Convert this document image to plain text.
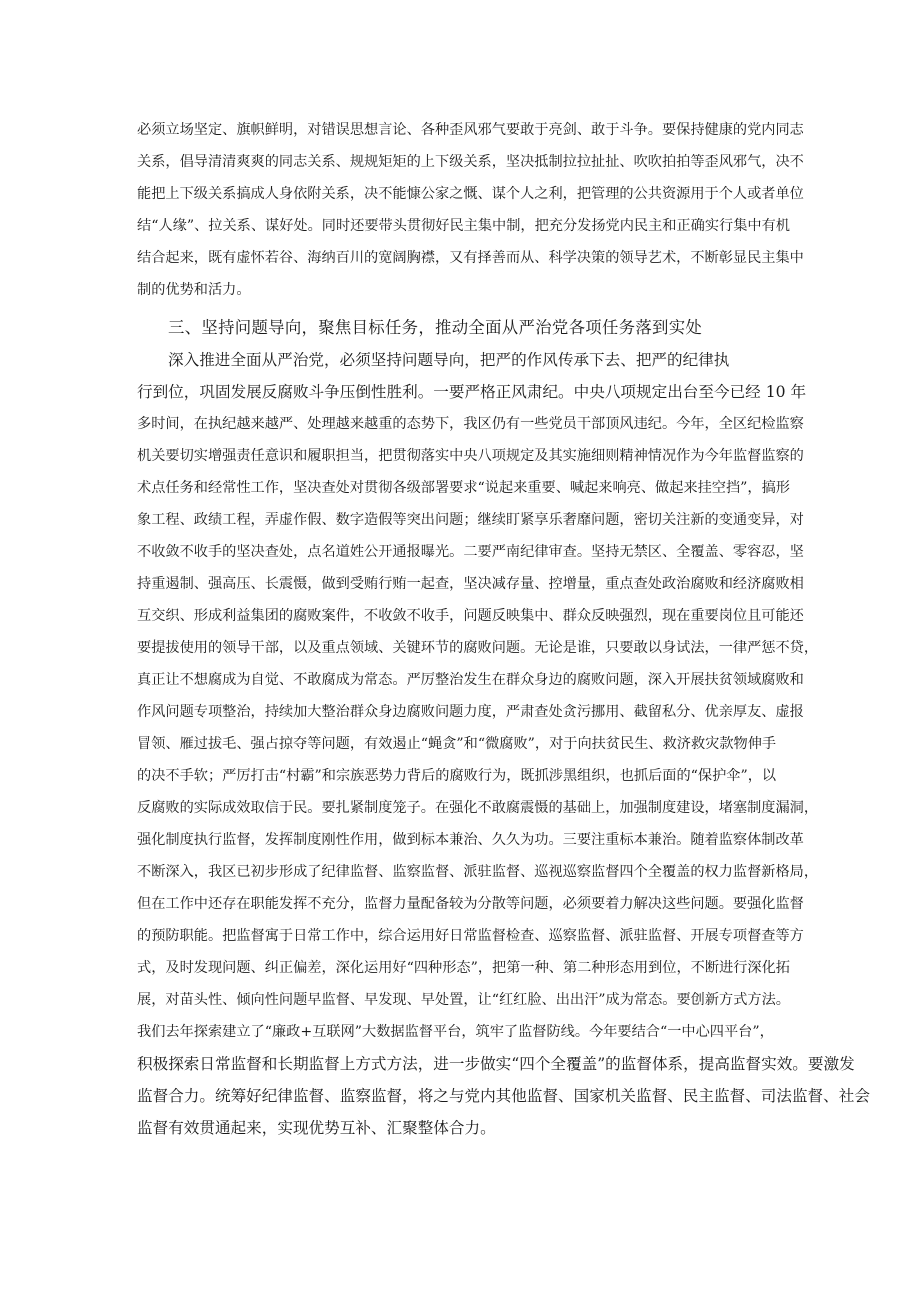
必须立场坚定、旗帜鲜明，对错误思想言论、各种歪风邪气要敢于亮剑、敢于斗争。要保持健康的党内同志
关系，倡导清清爽爽的同志关系、规规矩矩的上下级关系，坚决抵制拉拉扯扯、吹吹拍拍等歪风邪气，决不
能把上下级关系搞成人身依附关系，决不能慷公家之慨、谋个人之利，把管理的公共资源用于个人或者单位
结“人缘”、拉关系、谋好处。同时还要带头贯彻好民主集中制，把充分发扬党内民主和正确实行集中有机
结合起来，既有虚怀若谷、海纳百川的宽阔胸襟，又有择善而从、科学决策的领导艺术，不断彰显民主集中
制的优势和活力。
三、坚持问题导向，聚焦目标任务，推动全面从严治党各项任务落到实处
深入推进全面从严治党，必须坚持问题导向，把严的作风传承下去、把严的纪律执
行到位，巩固发展反腐败斗争压倒性胜利。一要严格正风肃纪。中央八项规定出台至今已经 10 年
多时间，在执纪越来越严、处理越来越重的态势下，我区仍有一些党员干部顶风违纪。今年，全区纪检监察
机关要切实增强责任意识和履职担当，把贯彻落实中央八项规定及其实施细则精神情况作为今年监督监察的
术点任务和经常性工作，坚决查处对贯彻各级部署要求“说起来重要、喊起来响亮、做起来挂空挡”，搞形
象工程、政绩工程，弄虚作假、数字造假等突出问题；继续盯紧享乐奢靡问题，密切关注新的变通变异，对
不收敛不收手的坚决查处，点名道姓公开通报曝光。二要严南纪律审查。坚持无禁区、全覆盖、零容忍，坚
持重遏制、强高压、长震慑，做到受贿行贿一起查，坚决减存量、控增量，重点查处政治腐败和经济腐败相
互交织、形成利益集团的腐败案件，不收敛不收手，问题反映集中、群众反映强烈，现在重要岗位且可能还
要提拔使用的领导干部，以及重点领域、关键环节的腐败问题。无论是谁，只要敢以身试法，一律严惩不贷，
真正让不想腐成为自觉、不敢腐成为常态。严厉整治发生在群众身边的腐败问题，深入开展扶贫领域腐败和
作风问题专项整治，持续加大整治群众身边腐败问题力度，严肃查处贪污挪用、截留私分、优亲厚友、虚报
冒领、雁过拔毛、强占掠夺等问题，有效遏止“蝇贪”和“微腐败”，对于向扶贫民生、救济救灾款物伸手
的决不手软；严厉打击“村霸”和宗族恶势力背后的腐败行为，既抓涉黑组织，也抓后面的“保护伞”，以
反腐败的实际成效取信于民。要扎紧制度笼子。在强化不敢腐震慑的基础上，加强制度建设，堵塞制度漏洞，
强化制度执行监督，发挥制度刚性作用，做到标本兼治、久久为功。三要注重标本兼治。随着监察体制改革
不断深入，我区已初步形成了纪律监督、监察监督、派驻监督、巡视巡察监督四个全覆盖的权力监督新格局，
但在工作中还存在职能发挥不充分，监督力量配备较为分散等问题，必须要着力解决这些问题。要强化监督
的预防职能。把监督寓于日常工作中，综合运用好日常监督检查、巡察监督、派驻监督、开展专项督查等方
式，及时发现问题、纠正偏差，深化运用好“四种形态”，把第一种、第二种形态用到位，不断进行深化拓
展，对苗头性、倾向性问题早监督、早发现、早处置，让“红红脸、出出汗”成为常态。要创新方式方法。
我们去年探索建立了“廉政+互联网”大数据监督平台，筑牢了监督防线。今年要结合“一中心四平台”，
积极探索日常监督和长期监督上方式方法，进一步做实“四个全覆盖”的监督体系，提高监督实效。要激发
监督合力。统筹好纪律监督、监察监督，将之与党内其他监督、国家机关监督、民主监督、司法监督、社会
监督有效贯通起来，实现优势互补、汇聚整体合力。
